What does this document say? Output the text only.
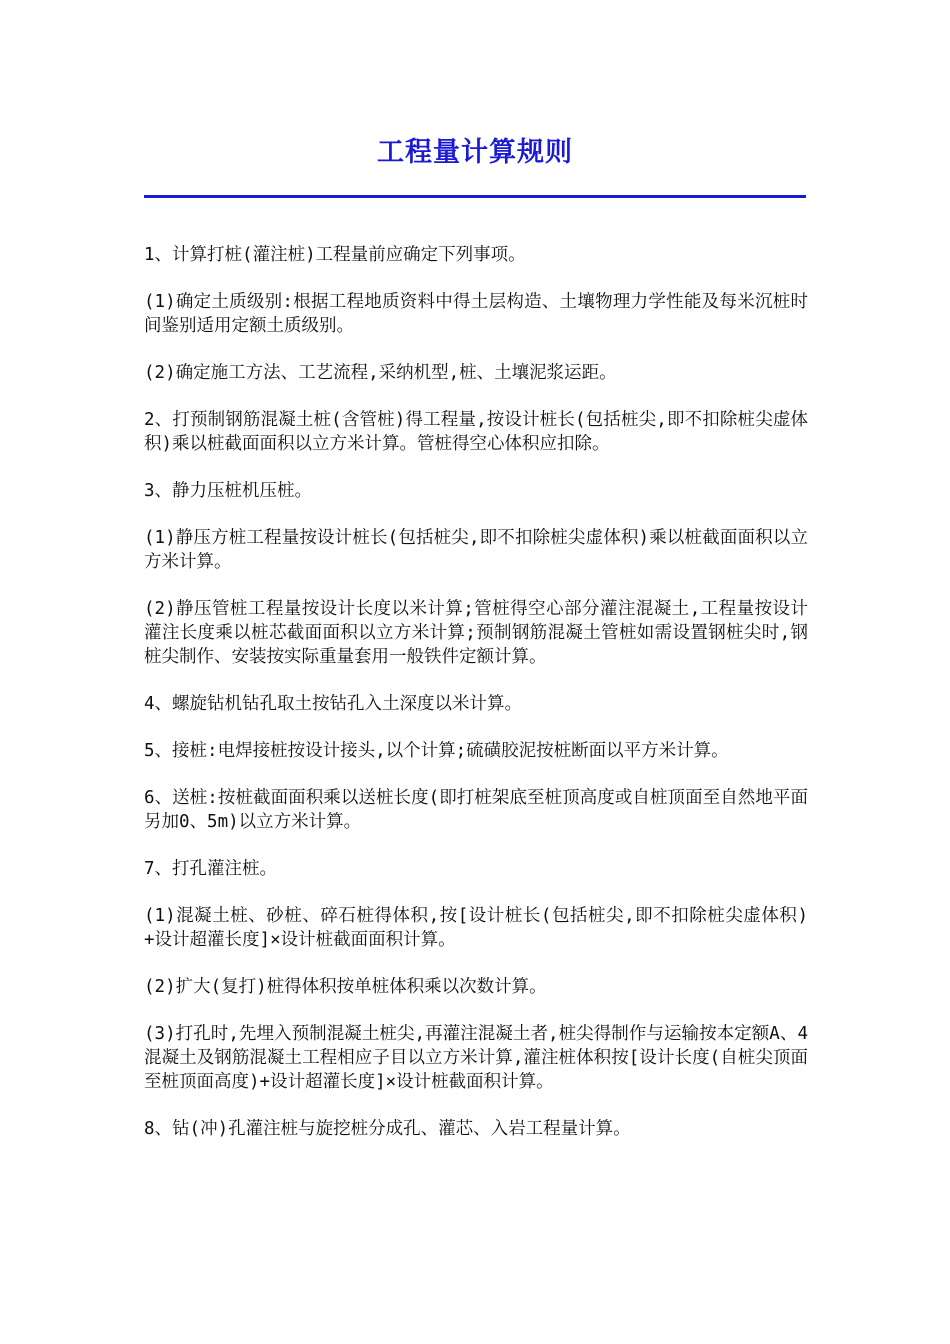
工程量计算规则

1、计算打桩(灌注桩)工程量前应确定下列事项。

(1)确定土质级别:根据工程地质资料中得土层构造、土壤物理力学性能及每米沉桩时间鉴别适用定额土质级别。

(2)确定施工方法、工艺流程,采纳机型,桩、土壤泥浆运距。

2、打预制钢筋混凝土桩(含管桩)得工程量,按设计桩长(包括桩尖,即不扣除桩尖虚体积)乘以桩截面面积以立方米计算。管桩得空心体积应扣除。

3、静力压桩机压桩。

(1)静压方桩工程量按设计桩长(包括桩尖,即不扣除桩尖虚体积)乘以桩截面面积以立方米计算。

(2)静压管桩工程量按设计长度以米计算;管桩得空心部分灌注混凝土,工程量按设计灌注长度乘以桩芯截面面积以立方米计算;预制钢筋混凝土管桩如需设置钢桩尖时,钢桩尖制作、安装按实际重量套用一般铁件定额计算。

4、螺旋钻机钻孔取土按钻孔入土深度以米计算。

5、接桩:电焊接桩按设计接头,以个计算;硫磺胶泥按桩断面以平方米计算。

6、送桩:按桩截面面积乘以送桩长度(即打桩架底至桩顶高度或自桩顶面至自然地平面另加0、5m)以立方米计算。

7、打孔灌注桩。

(1)混凝土桩、砂桩、碎石桩得体积,按[设计桩长(包括桩尖,即不扣除桩尖虚体积)+设计超灌长度]×设计桩截面面积计算。

(2)扩大(复打)桩得体积按单桩体积乘以次数计算。

(3)打孔时,先埋入预制混凝土桩尖,再灌注混凝土者,桩尖得制作与运输按本定额A、4混凝土及钢筋混凝土工程相应子目以立方米计算,灌注桩体积按[设计长度(自桩尖顶面至桩顶面高度)+设计超灌长度]×设计桩截面积计算。

8、钻(冲)孔灌注桩与旋挖桩分成孔、灌芯、入岩工程量计算。
